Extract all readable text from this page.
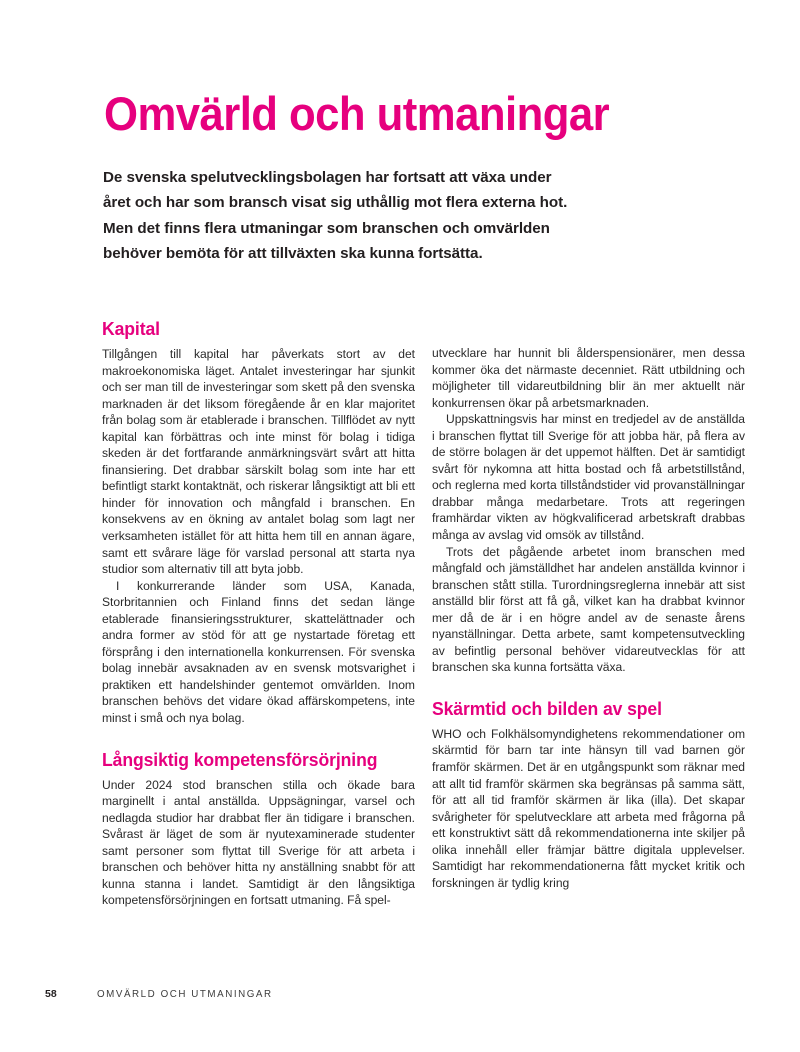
Omvärld och utmaningar

De svenska spelutvecklingsbolagen har fortsatt att växa under året och har som bransch visat sig uthållig mot flera externa hot. Men det finns flera utmaningar som branschen och omvärlden behöver bemöta för att tillväxten ska kunna fortsätta.

Kapital

Tillgången till kapital har påverkats stort av det makroekonomiska läget. Antalet investeringar har sjunkit och ser man till de investeringar som skett på den svenska marknaden är det liksom föregående år en klar majoritet från bolag som är etablerade i branschen. Tillflödet av nytt kapital kan förbättras och inte minst för bolag i tidiga skeden är det fortfarande anmärkningsvärt svårt att hitta finansiering. Det drabbar särskilt bolag som inte har ett befintligt starkt kontaktnät, och riskerar långsiktigt att bli ett hinder för innovation och mångfald i branschen. En konsekvens av en ökning av antalet bolag som lagt ner verksamheten istället för att hitta hem till en annan ägare, samt ett svårare läge för varslad personal att starta nya studior som alternativ till att byta jobb.

I konkurrerande länder som USA, Kanada, Storbritannien och Finland finns det sedan länge etablerade finansieringsstrukturer, skattelättnader och andra former av stöd för att ge nystartade företag ett försprång i den internationella konkurrensen. För svenska bolag innebär avsaknaden av en svensk motsvarighet i praktiken ett handelshinder gentemot omvärlden. Inom branschen behövs det vidare ökad affärskompetens, inte minst i små och nya bolag.

Långsiktig kompetensförsörjning

Under 2024 stod branschen stilla och ökade bara marginellt i antal anställda. Uppsägningar, varsel och nedlagda studior har drabbat fler än tidigare i branschen. Svårast är läget de som är nyutexaminerade studenter samt personer som flyttat till Sverige för att arbeta i branschen och behöver hitta ny anställning snabbt för att kunna stanna i landet. Samtidigt är den långsiktiga kompetensförsörjningen en fortsatt utmaning. Få spel-

utvecklare har hunnit bli ålderspensionärer, men dessa kommer öka det närmaste decenniet. Rätt utbildning och möjligheter till vidareutbildning blir än mer aktuellt när konkurrensen ökar på arbetsmarknaden.

Uppskattningsvis har minst en tredjedel av de anställda i branschen flyttat till Sverige för att jobba här, på flera av de större bolagen är det uppemot hälften. Det är samtidigt svårt för nykomna att hitta bostad och få arbetstillstånd, och reglerna med korta tillståndstider vid provanställningar drabbar många medarbetare. Trots att regeringen framhärdar vikten av högkvalificerad arbetskraft drabbas många av avslag vid omsök av tillstånd.

Trots det pågående arbetet inom branschen med mångfald och jämställdhet har andelen anställda kvinnor i branschen stått stilla. Turordningsreglerna innebär att sist anställd blir först att få gå, vilket kan ha drabbat kvinnor mer då de är i en högre andel av de senaste årens nyanställningar. Detta arbete, samt kompetensutveckling av befintlig personal behöver vidareutvecklas för att branschen ska kunna fortsätta växa.

Skärmtid och bilden av spel

WHO och Folkhälsomyndighetens rekommendationer om skärmtid för barn tar inte hänsyn till vad barnen gör framför skärmen. Det är en utgångspunkt som räknar med att allt tid framför skärmen ska begränsas på samma sätt, för att all tid framför skärmen är lika (illa). Det skapar svårigheter för spelutvecklare att arbeta med frågorna på ett konstruktivt sätt då rekommendationerna inte skiljer på olika innehåll eller främjar bättre digitala upplevelser. Samtidigt har rekommendationerna fått mycket kritik och forskningen är tydlig kring

58	OMVÄRLD OCH UTMANINGAR
